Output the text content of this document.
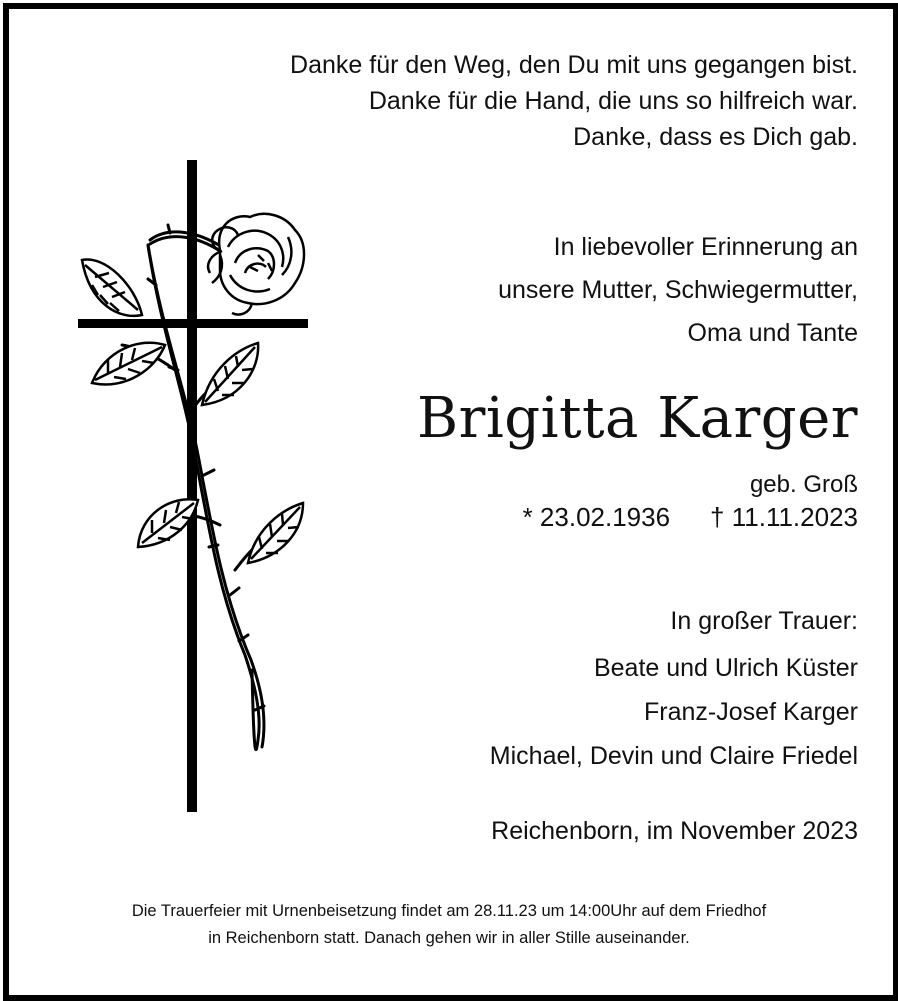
Danke für den Weg, den Du mit uns gegangen bist.
Danke für die Hand, die uns so hilfreich war.
Danke, dass es Dich gab.
In liebevoller Erinnerung an
unsere Mutter, Schwiegermutter,
Oma und Tante
Brigitta Karger
geb. Groß
* 23.02.1936 † 11.11.2023
In großer Trauer:
Beate und Ulrich Küster
Franz-Josef Karger
Michael, Devin und Claire Friedel
Reichenborn, im November 2023
Die Trauerfeier mit Urnenbeisetzung findet am 28.11.23 um 14:00Uhr auf dem Friedhof
in Reichenborn statt. Danach gehen wir in aller Stille auseinander.
